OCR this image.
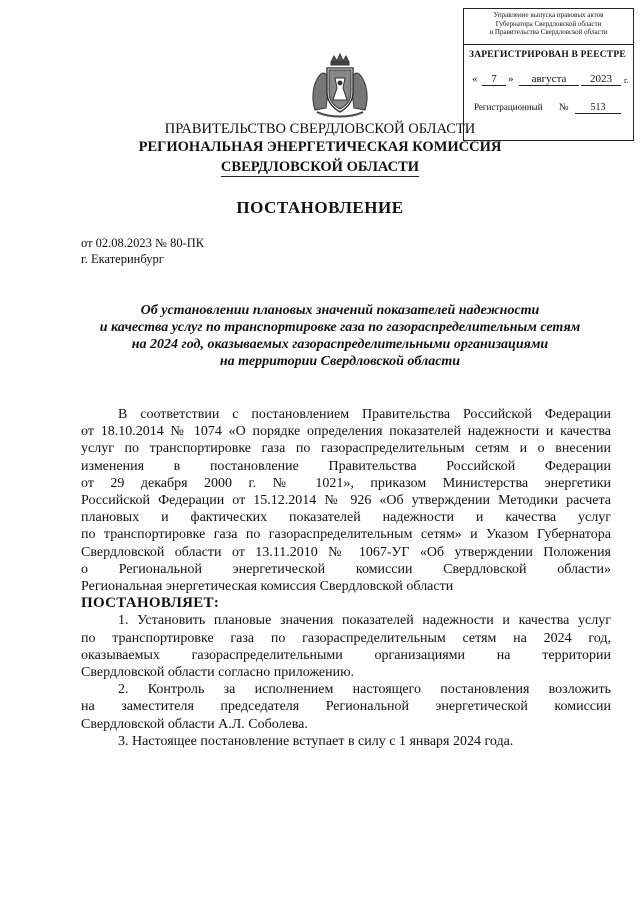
Управление выпуска правовых актов
Губернатора Свердловской области
и Правительства Свердловской области
ЗАРЕГИСТРИРОВАН В РЕЕСТРЕ
«	7	»	августа	2023	г.
Регистрационный №	513
ПРАВИТЕЛЬСТВО СВЕРДЛОВСКОЙ ОБЛАСТИ
РЕГИОНАЛЬНАЯ ЭНЕРГЕТИЧЕСКАЯ КОМИССИЯ
СВЕРДЛОВСКОЙ ОБЛАСТИ
ПОСТАНОВЛЕНИЕ
от 02.08.2023 № 80-ПК
г. Екатеринбург
Об установлении плановых значений показателей надежности
и качества услуг по транспортировке газа по газораспределительным сетям
на 2024 год, оказываемых газораспределительными организациями
на территории Свердловской области

В соответствии с постановлением Правительства Российской Федерации

от 18.10.2014 № 1074 «О порядке определения показателей надежности и качества

услуг по транспортировке газа по газораспределительным сетям и о внесении

изменения в постановление Правительства Российской Федерации

от 29 декабря 2000 г. № 1021», приказом Министерства энергетики

Российской Федерации от 15.12.2014 № 926 «Об утверждении Методики расчета

плановых и фактических показателей надежности и качества услуг

по транспортировке газа по газораспределительным сетям» и Указом Губернатора

Свердловской области от 13.11.2010 № 1067-УГ «Об утверждении Положения

о Региональной энергетической комиссии Свердловской области»

Региональная энергетическая комиссия Свердловской области

ПОСТАНОВЛЯЕТ:

1. Установить плановые значения показателей надежности и качества услуг

по транспортировке газа по газораспределительным сетям на 2024 год,

оказываемых газораспределительными организациями на территории

Свердловской области согласно приложению.

2. Контроль за исполнением настоящего постановления возложить

на заместителя председателя Региональной энергетической комиссии

Свердловской области А.Л. Соболева.

3. Настоящее постановление вступает в силу с 1 января 2024 года.
